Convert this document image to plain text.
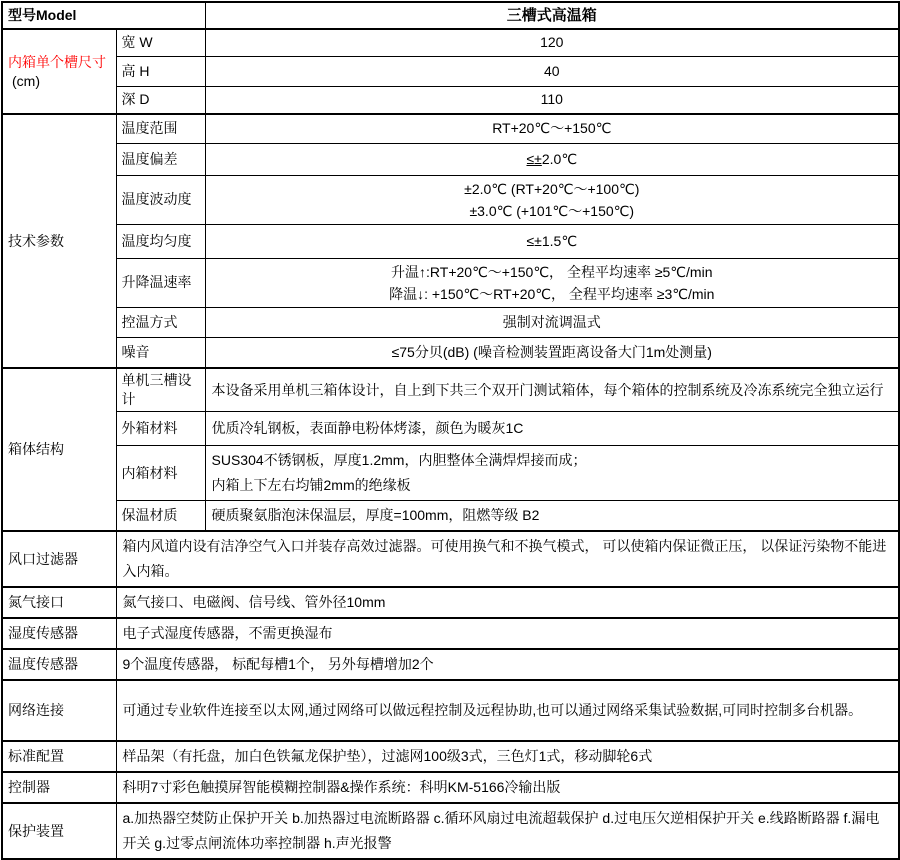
型号Model		三槽式高温箱

内箱单个槽尺寸
(cm)	宽 W	120
	高 H	40
	深 D	110
技术参数	温度范围	RT+20℃～+150℃
	温度偏差	≤±2.0℃
	温度波动度	±2.0℃ (RT+20℃～+100℃)
±3.0℃ (+101℃～+150℃)

	温度均匀度	≤±1.5℃
	升降温速率	升温↑:RT+20℃～+150℃， 全程平均速率 ≥5℃/min
降温↓: +150℃～RT+20℃， 全程平均速率 ≥3℃/min

	控温方式	强制对流调温式
	噪音	≤75分贝(dB) (噪音检测装置距离设备大门1m处测量)
箱体结构	单机三槽设计	本设备采用单机三箱体设计，自上到下共三个双开门测试箱体，每个箱体的控制系统及冷冻系统完全独立运行
	外箱材料	优质冷轧钢板，表面静电粉体烤漆，颜色为暖灰1C
	内箱材料	SUS304不锈钢板，厚度1.2mm，内胆整体全满焊焊接而成；
内箱上下左右均铺2mm的绝缘板

	保温材质	硬质聚氨脂泡沫保温层，厚度=100mm，阻燃等级 B2
风口过滤器	箱内风道内设有洁净空气入口并装存高效过滤器。可使用换气和不换气模式， 可以使箱内保证微正压， 以保证污染物不能进入内箱。	
氮气接口	氮气接口、电磁阀、信号线、管外径10mm	
湿度传感器	电子式湿度传感器，不需更换湿布	
温度传感器	9个温度传感器， 标配每槽1个， 另外每槽增加2个	
网络连接	可通过专业软件连接至以太网,通过网络可以做远程控制及远程协助,也可以通过网络采集试验数据,可同时控制多台机器。	
标准配置	样品架（有托盘，加白色铁氟龙保护垫），过滤网100级3式，三色灯1式，移动脚轮6式	
控制器	科明7寸彩色触摸屏智能模糊控制器&操作系统：科明KM-5166冷输出版	
保护装置	a.加热器空焚防止保护开关 b.加热器过电流断路器 c.循环风扇过电流超载保护 d.过电压欠逆相保护开关 e.线路断路器 f.漏电开关 g.过零点闸流体功率控制器 h.声光报警	
